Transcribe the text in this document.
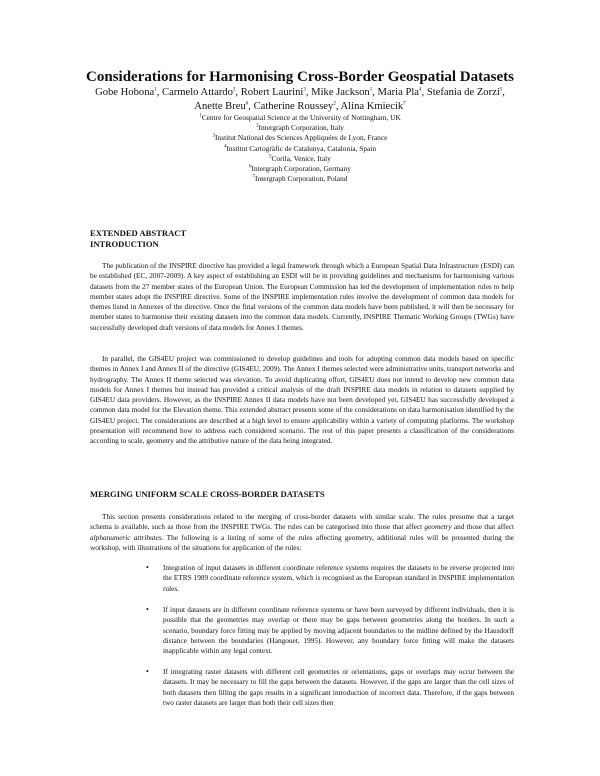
Considerations for Harmonising Cross-Border Geospatial Datasets
Gobe Hobona$^1$, Carmelo Attardo$^2$, Robert Laurini$^3$, Mike Jackson$^1$, Maria Pla$^4$, Stefania de Zorzi$^5$,
Anette Breu$^6$, Catherine Roussey$^2$, Alina Kmiecik$^7$
$^1$Centre for Geospatial Science at the University of Nottingham, UK
$^2$Intergraph Corporation, Italy
$^3$Institut National des Sciences Appliquées de Lyon, France
$^4$Institut Cartogràfic de Catalunya, Catalonia, Spain
$^5$Corila, Venice, Italy
$^6$Intergraph Corporation, Germany
$^7$Intergraph Corporation, Poland
EXTENDED ABSTRACT
INTRODUCTION
The publication of the INSPIRE directive has provided a legal framework through which a European Spatial Data Infrastructure (ESDI) can be established (EC, 2007-2009). A key aspect of establishing an ESDI will be in providing guidelines and mechanisms for harmonising various datasets from the 27 member states of the European Union. The European Commission has led the development of implementation rules to help member states adopt the INSPIRE directive. Some of the INSPIRE implementation rules involve the development of common data models for themes listed in Annexes of the directive. Once the final versions of the common data models have been published, it will then be necessary for member states to harmonise their existing datasets into the common data models. Currently, INSPIRE Thematic Working Groups (TWGs) have successfully developed draft versions of data models for Annex I themes.
In parallel, the GIS4EU project was commissioned to develop guidelines and tools for adopting common data models based on specific themes in Annex I and Annex II of the directive (GIS4EU, 2009). The Annex I themes selected were administrative units, transport networks and hydrography. The Annex II theme selected was elevation. To avoid duplicating effort, GIS4EU does not intend to develop new common data models for Annex I themes but instead has provided a critical analysis of the draft INSPIRE data models in relation to datasets supplied by GIS4EU data providers. However, as the INSPIRE Annex II data models have not been developed yet, GIS4EU has successfully developed a common data model for the Elevation theme. This extended abstract presents some of the considerations on data harmonisation identified by the GIS4EU project. The considerations are described at a high level to ensure applicability within a variety of computing platforms. The workshop presentation will recommend how to address each considered scenario. The rest of this paper presents a classification of the considerations according to scale, geometry and the attributive nature of the data being integrated.
MERGING UNIFORM SCALE CROSS-BORDER DATASETS
This section presents considerations related to the merging of cross-border datasets with similar scale. The rules presume that a target schema is available, such as those from the INSPIRE TWGs. The rules can be categorised into those that affect geometry and those that affect alphanumeric attributes. The following is a listing of some of the rules affecting geometry, additional rules will be presented during the workshop, with illustrations of the situations for application of the rules:
• Integration of input datasets in different coordinate reference systems requires the datasets to be reverse projected into the ETRS 1989 coordinate reference system, which is recognised as the European standard in INSPIRE implementation rules.
• If input datasets are in different coordinate reference systems or have been surveyed by different individuals, then it is possible that the geometries may overlap or there may be gaps between geometries along the borders. In such a scenario, boundary force fitting may be applied by moving adjacent boundaries to the midline defined by the Hausdorff distance between the boundaries (Hangouet, 1995). However, any boundary force fitting will make the datasets inapplicable within any legal context.
• If integrating raster datasets with different cell geometries or orientations, gaps or overlaps may occur between the datasets. It may be necessary to fill the gaps between the datasets. However, if the gaps are larger than the cell sizes of both datasets then filling the gaps results in a significant introduction of incorrect data. Therefore, if the gaps between two raster datasets are larger than both their cell sizes then
